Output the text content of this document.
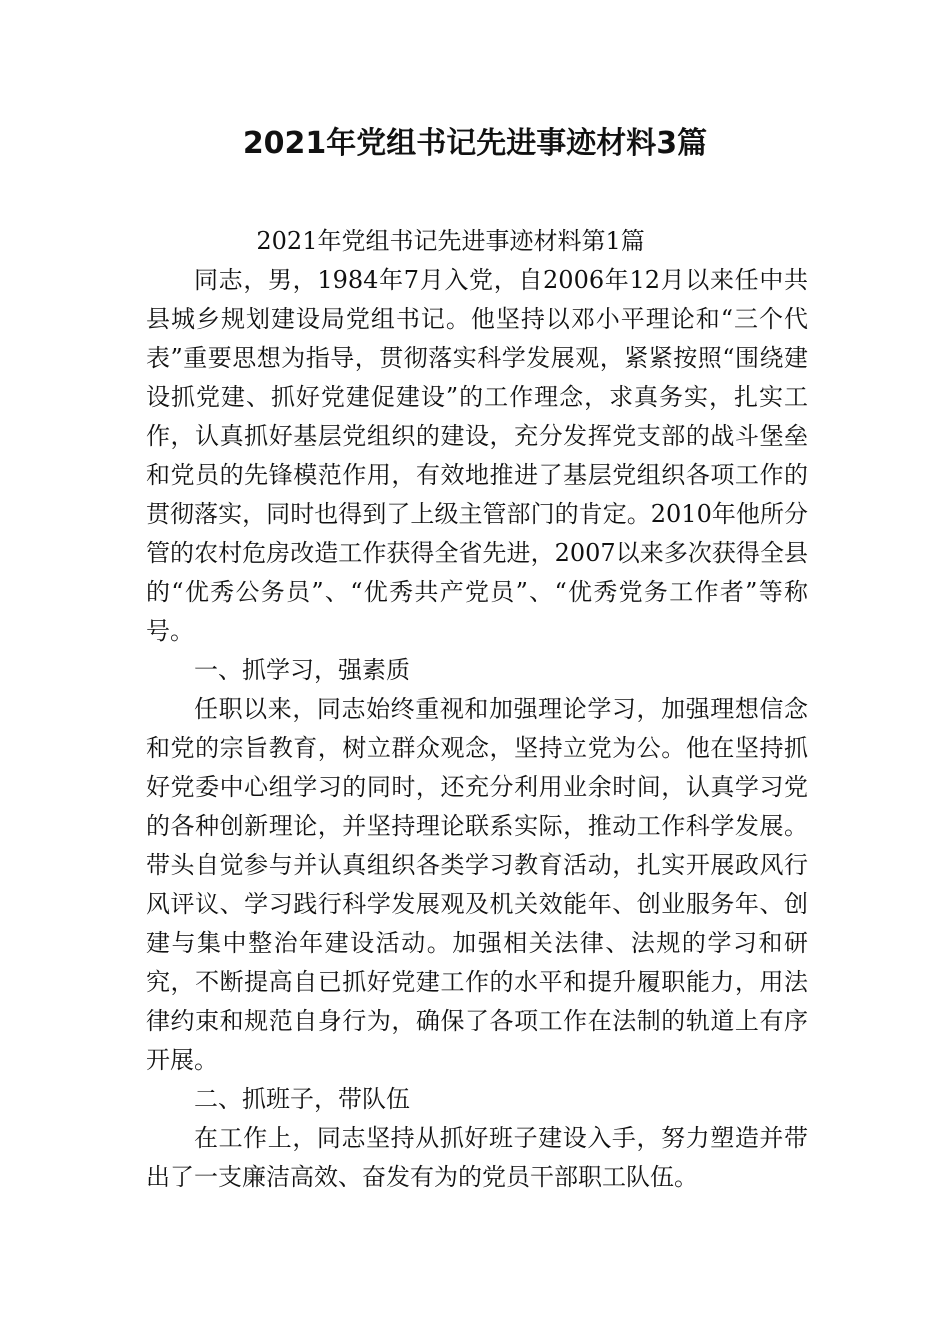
2021年党组书记先进事迹材料3篇

2021年党组书记先进事迹材料第1篇

同志，男，1984年7月入党，自2006年12月以来任中共县城乡规划建设局党组书记。他坚持以邓小平理论和“三个代表”重要思想为指导，贯彻落实科学发展观，紧紧按照“围绕建设抓党建、抓好党建促建设”的工作理念，求真务实，扎实工作，认真抓好基层党组织的建设，充分发挥党支部的战斗堡垒和党员的先锋模范作用，有效地推进了基层党组织各项工作的贯彻落实，同时也得到了上级主管部门的肯定。2010年他所分管的农村危房改造工作获得全省先进，2007以来多次获得全县的“优秀公务员”、“优秀共产党员”、“优秀党务工作者”等称号。

一、抓学习，强素质

任职以来，同志始终重视和加强理论学习，加强理想信念和党的宗旨教育，树立群众观念，坚持立党为公。他在坚持抓好党委中心组学习的同时，还充分利用业余时间，认真学习党的各种创新理论，并坚持理论联系实际，推动工作科学发展。带头自觉参与并认真组织各类学习教育活动，扎实开展政风行风评议、学习践行科学发展观及机关效能年、创业服务年、创建与集中整治年建设活动。加强相关法律、法规的学习和研究，不断提高自已抓好党建工作的水平和提升履职能力，用法律约束和规范自身行为，确保了各项工作在法制的轨道上有序开展。

二、抓班子，带队伍

在工作上，同志坚持从抓好班子建设入手，努力塑造并带出了一支廉洁高效、奋发有为的党员干部职工队伍。
